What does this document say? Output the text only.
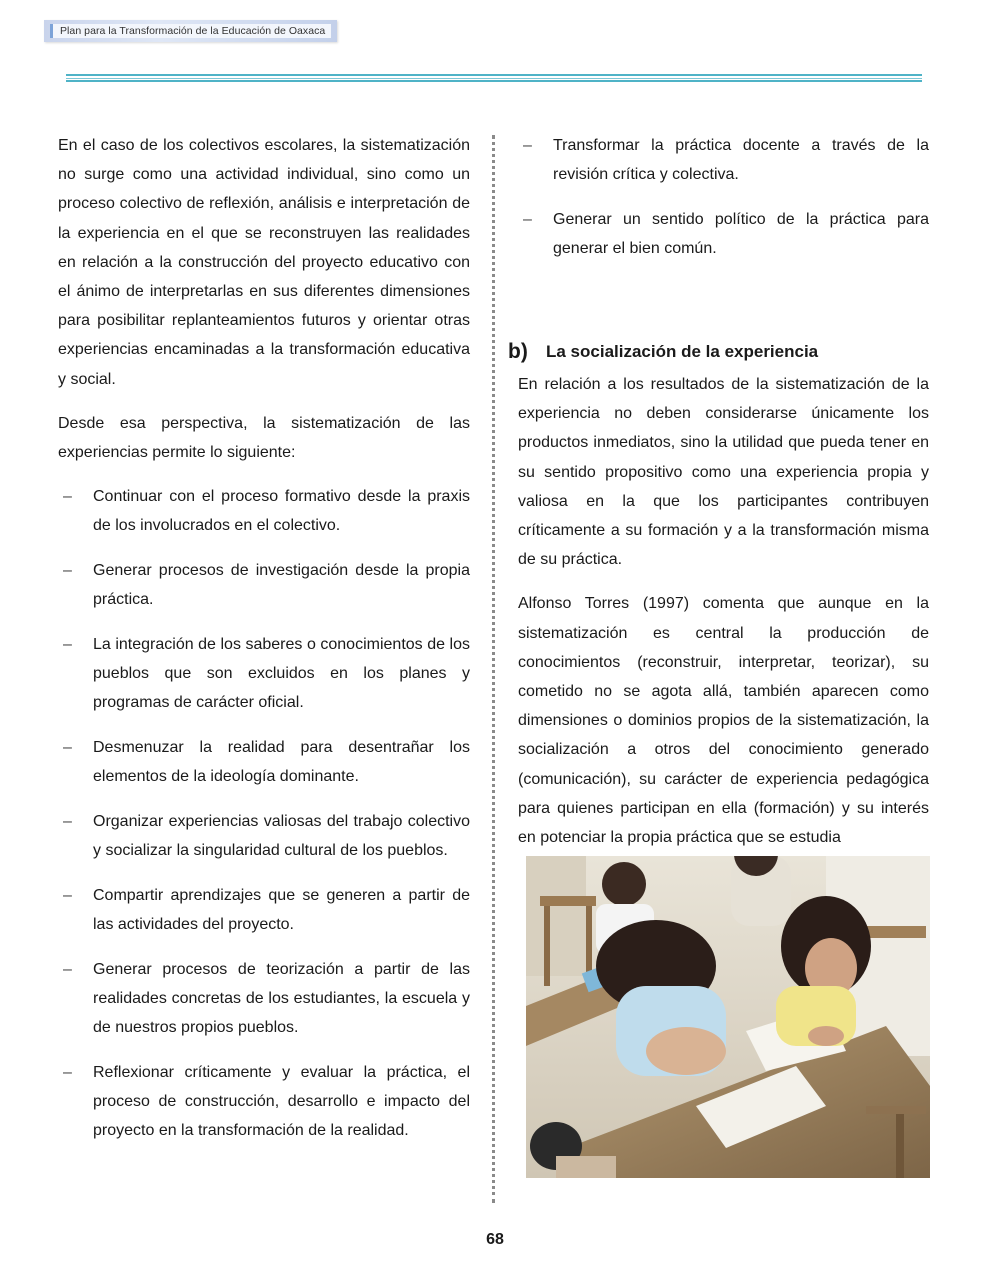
Plan para la Transformación de la Educación de Oaxaca

En el caso de los colectivos escolares, la sistematización no surge como una actividad individual, sino como un proceso colectivo de reflexión, análisis e interpretación de la experiencia en el que se reconstruyen las realidades en relación a la construcción del proyecto educativo con el ánimo de interpretarlas en sus diferentes dimensiones para posibilitar replanteamientos futuros y orientar otras experiencias encaminadas a la transformación educativa y social.

Desde esa perspectiva, la sistematización de las experiencias permite lo siguiente:

– Continuar con el proceso formativo desde la praxis de los involucrados en el colectivo.
– Generar procesos de investigación desde la propia práctica.
– La integración de los saberes o conocimientos de los pueblos que son excluidos en los planes y programas de carácter oficial.
– Desmenuzar la realidad para desentrañar los elementos de la ideología dominante.
– Organizar experiencias valiosas del trabajo colectivo y socializar la singularidad cultural de los pueblos.
– Compartir aprendizajes que se generen a partir de las actividades del proyecto.
– Generar procesos de teorización a partir de las realidades concretas de los estudiantes, la escuela y de nuestros propios pueblos.
– Reflexionar críticamente y evaluar la práctica, el proceso de construcción, desarrollo e impacto del proyecto en la transformación de la realidad.
– Transformar la práctica docente a través de la revisión crítica y colectiva.
– Generar un sentido político de la práctica para generar el bien común.
b) La socialización de la experiencia

En relación a los resultados de la sistematización de la experiencia no deben considerarse únicamente los productos inmediatos, sino la utilidad que pueda tener en su sentido propositivo como una experiencia propia y valiosa en la que los participantes contribuyen críticamente a su formación y a la transformación misma de su práctica.

Alfonso Torres (1997) comenta que aunque en la sistematización es central la producción de conocimientos (reconstruir, interpretar, teorizar), su cometido no se agota allá, también aparecen como dimensiones o dominios propios de la sistematización, la socialización a otros del conocimiento generado (comunicación), su carácter de experiencia pedagógica para quienes participan en ella (formación) y su interés en potenciar la propia práctica que se estudia

68
